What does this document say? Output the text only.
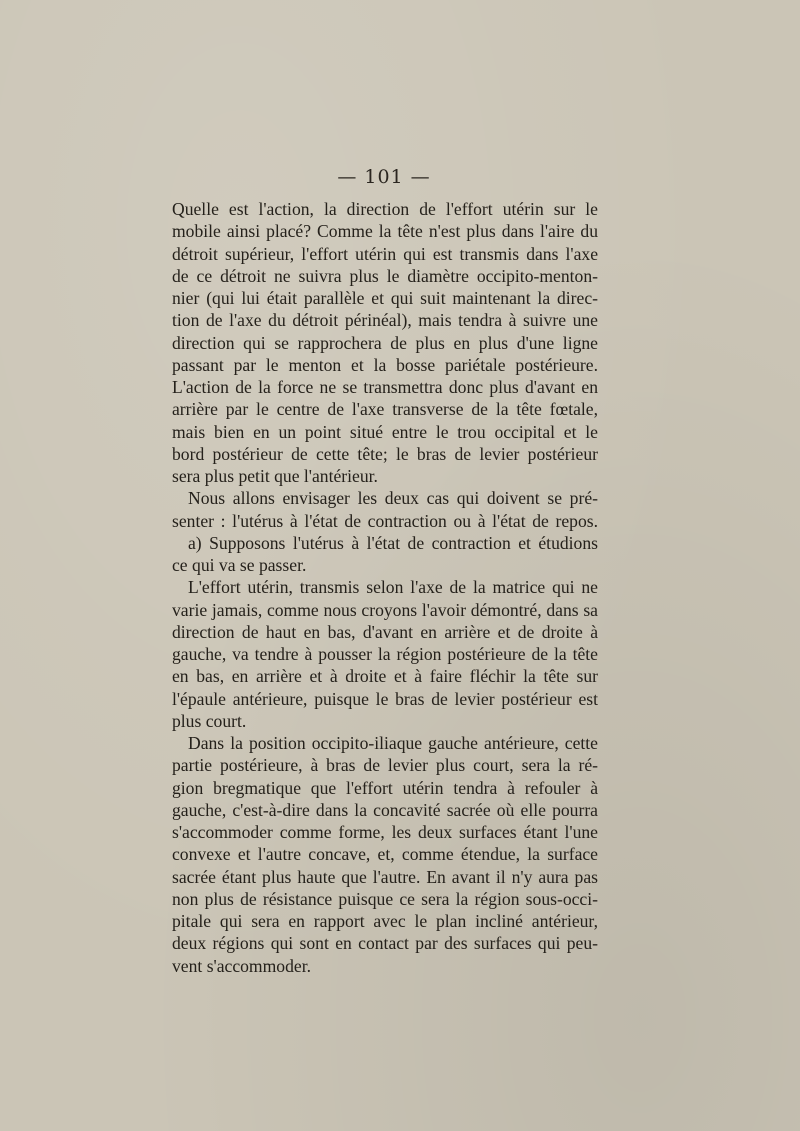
— 101 —

Quelle est l'action, la direction de l'effort utérin sur le
mobile ainsi placé? Comme la tête n'est plus dans l'aire du
détroit supérieur, l'effort utérin qui est transmis dans l'axe
de ce détroit ne suivra plus le diamètre occipito-menton-
nier (qui lui était parallèle et qui suit maintenant la direc-
tion de l'axe du détroit périnéal), mais tendra à suivre une
direction qui se rapprochera de plus en plus d'une ligne
passant par le menton et la bosse pariétale postérieure.
L'action de la force ne se transmettra donc plus d'avant en
arrière par le centre de l'axe transverse de la tête fœtale,
mais bien en un point situé entre le trou occipital et le
bord postérieur de cette tête; le bras de levier postérieur
sera plus petit que l'antérieur.

Nous allons envisager les deux cas qui doivent se pré-
senter : l'utérus à l'état de contraction ou à l'état de repos.

a) Supposons l'utérus à l'état de contraction et étudions
ce qui va se passer.

L'effort utérin, transmis selon l'axe de la matrice qui ne
varie jamais, comme nous croyons l'avoir démontré, dans sa
direction de haut en bas, d'avant en arrière et de droite à
gauche, va tendre à pousser la région postérieure de la tête
en bas, en arrière et à droite et à faire fléchir la tête sur
l'épaule antérieure, puisque le bras de levier postérieur est
plus court.

Dans la position occipito-iliaque gauche antérieure, cette
partie postérieure, à bras de levier plus court, sera la ré-
gion bregmatique que l'effort utérin tendra à refouler à
gauche, c'est-à-dire dans la concavité sacrée où elle pourra
s'accommoder comme forme, les deux surfaces étant l'une
convexe et l'autre concave, et, comme étendue, la surface
sacrée étant plus haute que l'autre. En avant il n'y aura pas
non plus de résistance puisque ce sera la région sous-occi-
pitale qui sera en rapport avec le plan incliné antérieur,
deux régions qui sont en contact par des surfaces qui peu-
vent s'accommoder.
